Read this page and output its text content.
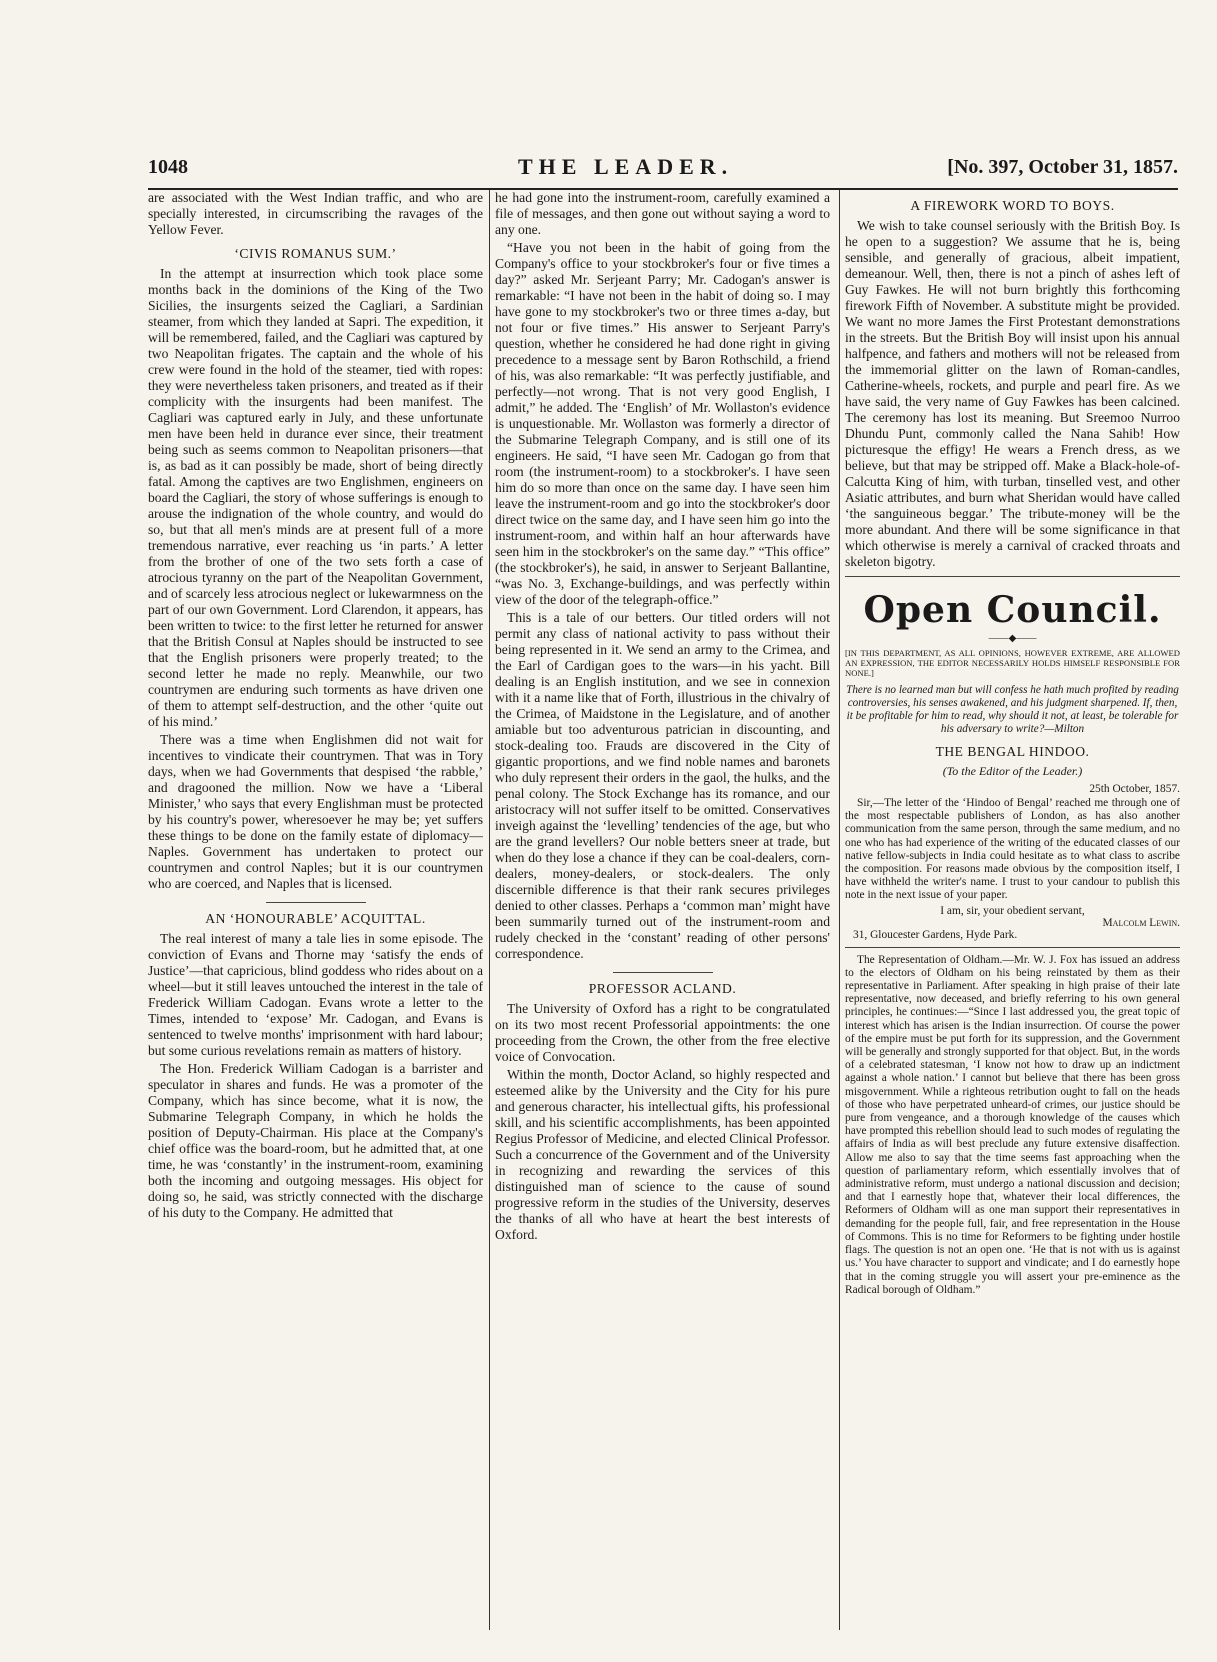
1048	THE LEADER.	[No. 397, October 31, 1857.

are associated with the West Indian traffic, and who are specially interested, in circumscribing the ravages of the Yellow Fever.

‘CIVIS ROMANUS SUM.’

In the attempt at insurrection which took place some months back in the dominions of the King of the Two Sicilies, the insurgents seized the Cagliari, a Sardinian steamer, from which they landed at Sapri. The expedition, it will be remembered, failed, and the Cagliari was captured by two Neapolitan frigates. The captain and the whole of his crew were found in the hold of the steamer, tied with ropes: they were nevertheless taken prisoners, and treated as if their complicity with the insurgents had been manifest. The Cagliari was captured early in July, and these unfortunate men have been held in durance ever since, their treatment being such as seems common to Neapolitan prisoners—that is, as bad as it can possibly be made, short of being directly fatal. Among the captives are two Englishmen, engineers on board the Cagliari, the story of whose sufferings is enough to arouse the indignation of the whole country, and would do so, but that all men's minds are at present full of a more tremendous narrative, ever reaching us ‘in parts.’ A letter from the brother of one of the two sets forth a case of atrocious tyranny on the part of the Neapolitan Government, and of scarcely less atrocious neglect or lukewarmness on the part of our own Government. Lord Clarendon, it appears, has been written to twice: to the first letter he returned for answer that the British Consul at Naples should be instructed to see that the English prisoners were properly treated; to the second letter he made no reply. Meanwhile, our two countrymen are enduring such torments as have driven one of them to attempt self-destruction, and the other ‘quite out of his mind.’

There was a time when Englishmen did not wait for incentives to vindicate their countrymen. That was in Tory days, when we had Governments that despised ‘the rabble,’ and dragooned the million. Now we have a ‘Liberal Minister,’ who says that every Englishman must be protected by his country's power, wheresoever he may be; yet suffers these things to be done on the family estate of diplomacy—Naples. Government has undertaken to protect our countrymen and control Naples; but it is our countrymen who are coerced, and Naples that is licensed.

AN ‘HONOURABLE’ ACQUITTAL.

The real interest of many a tale lies in some episode. The conviction of Evans and Thorne may ‘satisfy the ends of Justice’—that capricious, blind goddess who rides about on a wheel—but it still leaves untouched the interest in the tale of Frederick William Cadogan. Evans wrote a letter to the Times, intended to ‘expose’ Mr. Cadogan, and Evans is sentenced to twelve months' imprisonment with hard labour; but some curious revelations remain as matters of history.

The Hon. Frederick William Cadogan is a barrister and speculator in shares and funds. He was a promoter of the Company, which has since become, what it is now, the Submarine Telegraph Company, in which he holds the position of Deputy-Chairman. His place at the Company's chief office was the board-room, but he admitted that, at one time, he was ‘constantly’ in the instrument-room, examining both the incoming and outgoing messages. His object for doing so, he said, was strictly connected with the discharge of his duty to the Company. He admitted that

he had gone into the instrument-room, carefully examined a file of messages, and then gone out without saying a word to any one.

“Have you not been in the habit of going from the Company's office to your stockbroker's four or five times a day?” asked Mr. Serjeant Parry; Mr. Cadogan's answer is remarkable: “I have not been in the habit of doing so. I may have gone to my stockbroker's two or three times a-day, but not four or five times.” His answer to Serjeant Parry's question, whether he considered he had done right in giving precedence to a message sent by Baron Rothschild, a friend of his, was also remarkable: “It was perfectly justifiable, and perfectly—not wrong. That is not very good English, I admit,” he added. The ‘English’ of Mr. Wollaston's evidence is unquestionable. Mr. Wollaston was formerly a director of the Submarine Telegraph Company, and is still one of its engineers. He said, “I have seen Mr. Cadogan go from that room (the instrument-room) to a stockbroker's. I have seen him do so more than once on the same day. I have seen him leave the instrument-room and go into the stockbroker's door direct twice on the same day, and I have seen him go into the instrument-room, and within half an hour afterwards have seen him in the stockbroker's on the same day.” “This office” (the stockbroker's), he said, in answer to Serjeant Ballantine, “was No. 3, Exchange-buildings, and was perfectly within view of the door of the telegraph-office.”

This is a tale of our betters. Our titled orders will not permit any class of national activity to pass without their being represented in it. We send an army to the Crimea, and the Earl of Cardigan goes to the wars—in his yacht. Bill dealing is an English institution, and we see in connexion with it a name like that of Forth, illustrious in the chivalry of the Crimea, of Maidstone in the Legislature, and of another amiable but too adventurous patrician in discounting, and stock-dealing too. Frauds are discovered in the City of gigantic proportions, and we find noble names and baronets who duly represent their orders in the gaol, the hulks, and the penal colony. The Stock Exchange has its romance, and our aristocracy will not suffer itself to be omitted. Conservatives inveigh against the ‘levelling’ tendencies of the age, but who are the grand levellers? Our noble betters sneer at trade, but when do they lose a chance if they can be coal-dealers, corn-dealers, money-dealers, or stock-dealers. The only discernible difference is that their rank secures privileges denied to other classes. Perhaps a ‘common man’ might have been summarily turned out of the instrument-room and rudely checked in the ‘constant’ reading of other persons' correspondence.

PROFESSOR ACLAND.

The University of Oxford has a right to be congratulated on its two most recent Professorial appointments: the one proceeding from the Crown, the other from the free elective voice of Convocation.

Within the month, Doctor Acland, so highly respected and esteemed alike by the University and the City for his pure and generous character, his intellectual gifts, his professional skill, and his scientific accomplishments, has been appointed Regius Professor of Medicine, and elected Clinical Professor. Such a concurrence of the Government and of the University in recognizing and rewarding the services of this distinguished man of science to the cause of sound progressive reform in the studies of the University, deserves the thanks of all who have at heart the best interests of Oxford.

A FIREWORK WORD TO BOYS.

We wish to take counsel seriously with the British Boy. Is he open to a suggestion? We assume that he is, being sensible, and generally of gracious, albeit impatient, demeanour. Well, then, there is not a pinch of ashes left of Guy Fawkes. He will not burn brightly this forthcoming firework Fifth of November. A substitute might be provided. We want no more James the First Protestant demonstrations in the streets. But the British Boy will insist upon his annual halfpence, and fathers and mothers will not be released from the immemorial glitter on the lawn of Roman-candles, Catherine-wheels, rockets, and purple and pearl fire. As we have said, the very name of Guy Fawkes has been calcined. The ceremony has lost its meaning. But Sreemoo Nurroo Dhundu Punt, commonly called the Nana Sahib! How picturesque the effigy! He wears a French dress, as we believe, but that may be stripped off. Make a Black-hole-of-Calcutta King of him, with turban, tinselled vest, and other Asiatic attributes, and burn what Sheridan would have called ‘the sanguineous beggar.’ The tribute-money will be the more abundant. And there will be some significance in that which otherwise is merely a carnival of cracked throats and skeleton bigotry.

Open Council.
——◆——
[IN THIS DEPARTMENT, AS ALL OPINIONS, HOWEVER EXTREME, ARE ALLOWED AN EXPRESSION, THE EDITOR NECESSARILY HOLDS HIMSELF RESPONSIBLE FOR NONE.]
There is no learned man but will confess he hath much profited by reading controversies, his senses awakened, and his judgment sharpened. If, then, it be profitable for him to read, why should it not, at least, be tolerable for his adversary to write?—Milton
THE BENGAL HINDOO.
(To the Editor of the Leader.)
25th October, 1857.

Sir,—The letter of the ‘Hindoo of Bengal’ reached me through one of the most respectable publishers of London, as has also another communication from the same person, through the same medium, and no one who has had experience of the writing of the educated classes of our native fellow-subjects in India could hesitate as to what class to ascribe the composition. For reasons made obvious by the composition itself, I have withheld the writer's name. I trust to your candour to publish this note in the next issue of your paper.

I am, sir, your obedient servant,
Malcolm Lewin.
31, Gloucester Gardens, Hyde Park.

The Representation of Oldham.—Mr. W. J. Fox has issued an address to the electors of Oldham on his being reinstated by them as their representative in Parliament. After speaking in high praise of their late representative, now deceased, and briefly referring to his own general principles, he continues:—“Since I last addressed you, the great topic of interest which has arisen is the Indian insurrection. Of course the power of the empire must be put forth for its suppression, and the Government will be generally and strongly supported for that object. But, in the words of a celebrated statesman, ‘I know not how to draw up an indictment against a whole nation.’ I cannot but believe that there has been gross misgovernment. While a righteous retribution ought to fall on the heads of those who have perpetrated unheard-of crimes, our justice should be pure from vengeance, and a thorough knowledge of the causes which have prompted this rebellion should lead to such modes of regulating the affairs of India as will best preclude any future extensive disaffection. Allow me also to say that the time seems fast approaching when the question of parliamentary reform, which essentially involves that of administrative reform, must undergo a national discussion and decision; and that I earnestly hope that, whatever their local differences, the Reformers of Oldham will as one man support their representatives in demanding for the people full, fair, and free representation in the House of Commons. This is no time for Reformers to be fighting under hostile flags. The question is not an open one. ‘He that is not with us is against us.’ You have character to support and vindicate; and I do earnestly hope that in the coming struggle you will assert your pre-eminence as the Radical borough of Oldham.”
